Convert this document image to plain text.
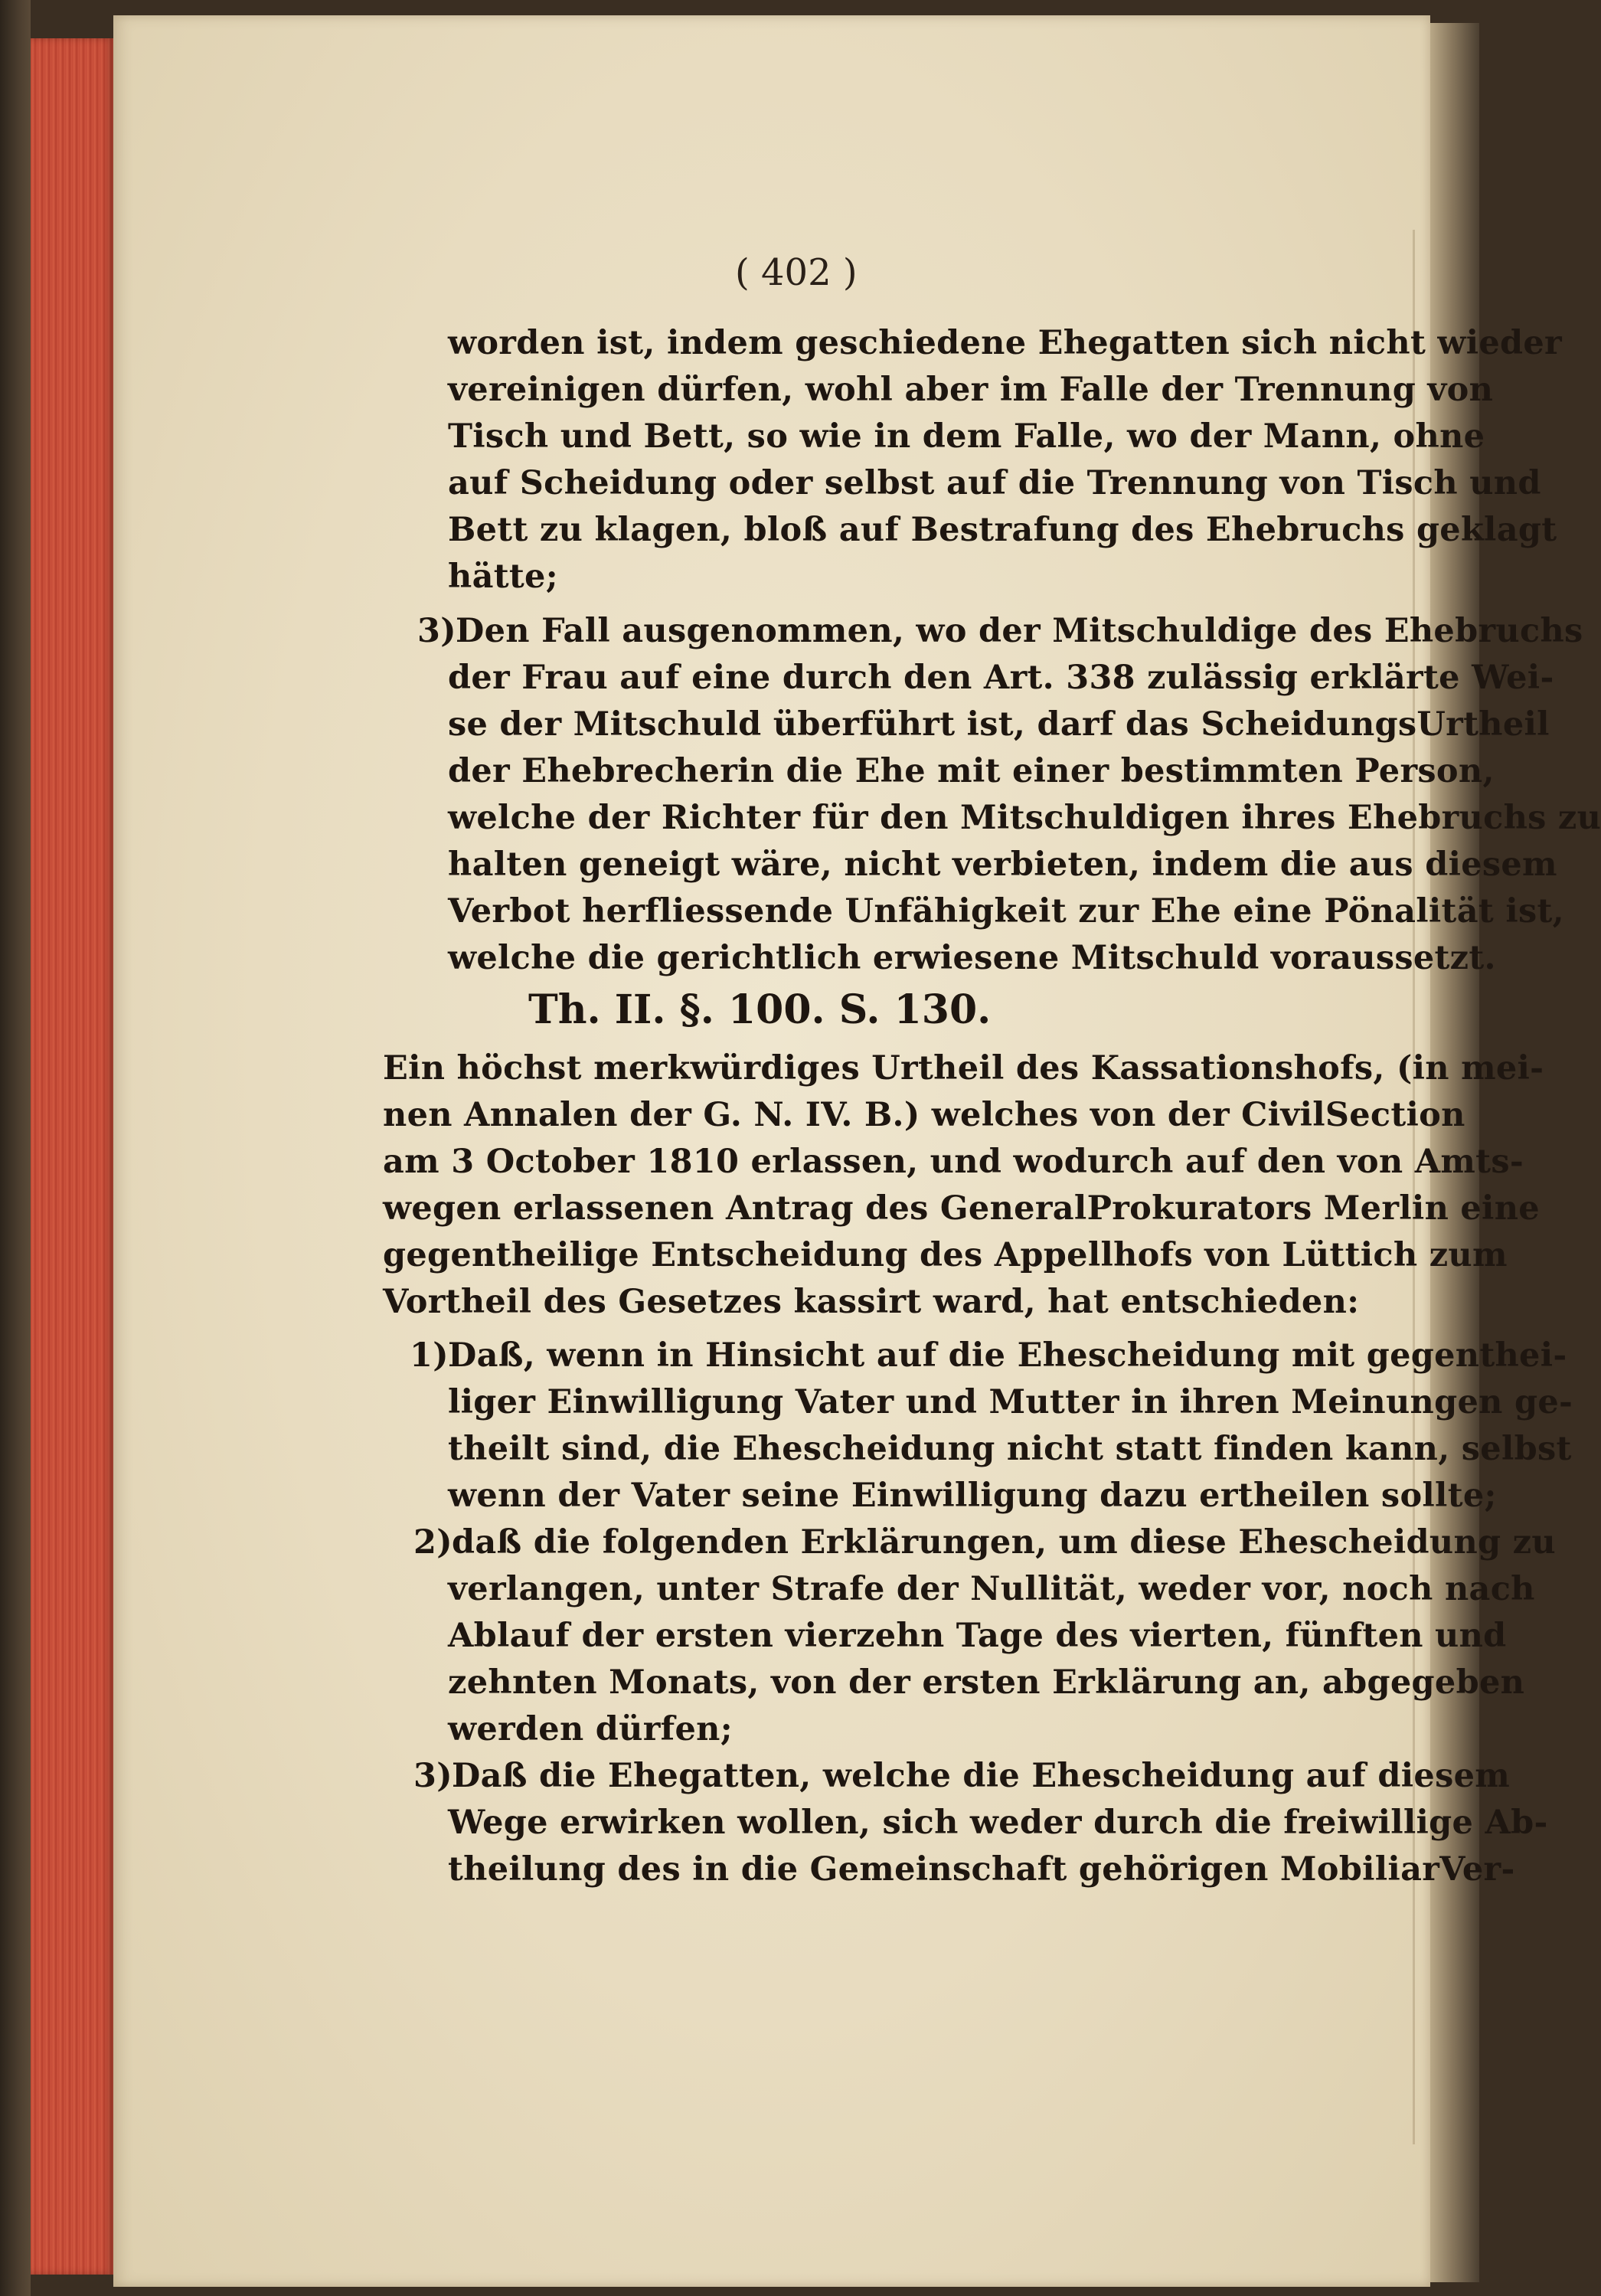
( 402 )
worden ist, indem geschiedene Ehegatten sich nicht wieder
vereinigen dürfen, wohl aber im Falle der Trennung von
Tisch und Bett, so wie in dem Falle, wo der Mann, ohne
auf Scheidung oder selbst auf die Trennung von Tisch und
Bett zu klagen, bloß auf Bestrafung des Ehebruchs geklagt
hätte;
3)Den Fall ausgenommen, wo der Mitschuldige des Ehebruchs
der Frau auf eine durch den Art. 338 zulässig erklärte Wei-
se der Mitschuld überführt ist, darf das ScheidungsUrtheil
der Ehebrecherin die Ehe mit einer bestimmten Person,
welche der Richter für den Mitschuldigen ihres Ehebruchs zu
halten geneigt wäre, nicht verbieten, indem die aus diesem
Verbot herfliessende Unfähigkeit zur Ehe eine Pönalität ist,
welche die gerichtlich erwiesene Mitschuld voraussetzt.
Th. II. §. 100. S. 130.
Ein höchst merkwürdiges Urtheil des Kassationshofs, (in mei-
nen Annalen der G. N. IV. B.) welches von der CivilSection
am 3 October 1810 erlassen, und wodurch auf den von Amts-
wegen erlassenen Antrag des GeneralProkurators Merlin eine
gegentheilige Entscheidung des Appellhofs von Lüttich zum
Vortheil des Gesetzes kassirt ward, hat entschieden:
1)Daß, wenn in Hinsicht auf die Ehescheidung mit gegenthei-
liger Einwilligung Vater und Mutter in ihren Meinungen ge-
theilt sind, die Ehescheidung nicht statt finden kann, selbst
wenn der Vater seine Einwilligung dazu ertheilen sollte;
2)daß die folgenden Erklärungen, um diese Ehescheidung zu
verlangen, unter Strafe der Nullität, weder vor, noch nach
Ablauf der ersten vierzehn Tage des vierten, fünften und
zehnten Monats, von der ersten Erklärung an, abgegeben
werden dürfen;
3)Daß die Ehegatten, welche die Ehescheidung auf diesem
Wege erwirken wollen, sich weder durch die freiwillige Ab-
theilung des in die Gemeinschaft gehörigen MobiliarVer-
